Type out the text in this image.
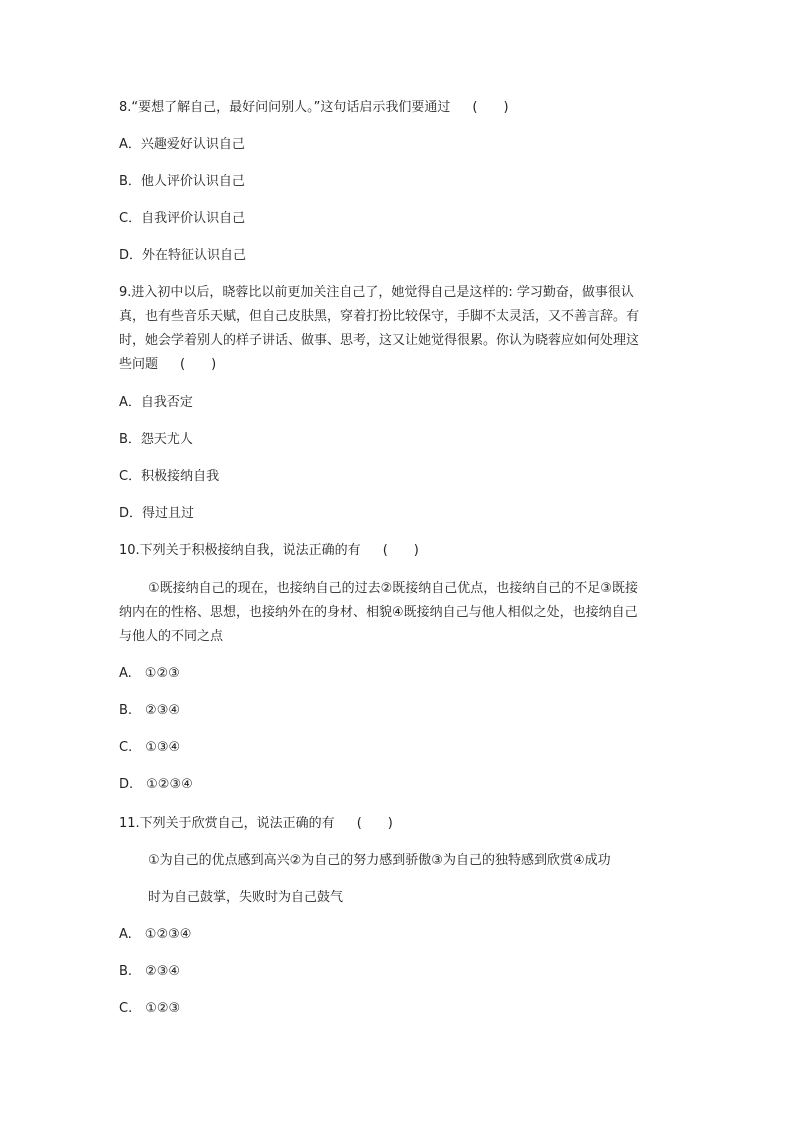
8.“要想了解自己，最好问问别人。”这句话启示我们要通过 (　　)
A．兴趣爱好认识自己
B．他人评价认识自己
C．自我评价认识自己
D．外在特征认识自己
9.进入初中以后，晓蓉比以前更加关注自己了，她觉得自己是这样的: 学习勤奋，做事很认
真，也有些音乐天赋，但自己皮肤黑，穿着打扮比较保守，手脚不太灵活，又不善言辞。有
时，她会学着别人的样子讲话、做事、思考，这又让她觉得很累。你认为晓蓉应如何处理这
些问题 (　　)
A．自我否定
B．怨天尤人
C．积极接纳自我
D．得过且过
10.下列关于积极接纳自我，说法正确的有 (　　)
①既接纳自己的现在，也接纳自己的过去②既接纳自己优点，也接纳自己的不足③既接
纳内在的性格、思想，也接纳外在的身材、相貌④既接纳自己与他人相似之处，也接纳自己
与他人的不同之点
A.　①②③
B.　②③④
C.　①③④
D.　①②③④
11.下列关于欣赏自己，说法正确的有 (　　)
①为自己的优点感到高兴②为自己的努力感到骄傲③为自己的独特感到欣赏④成功
时为自己鼓掌，失败时为自己鼓气
A.　①②③④
B.　②③④
C.　①②③
